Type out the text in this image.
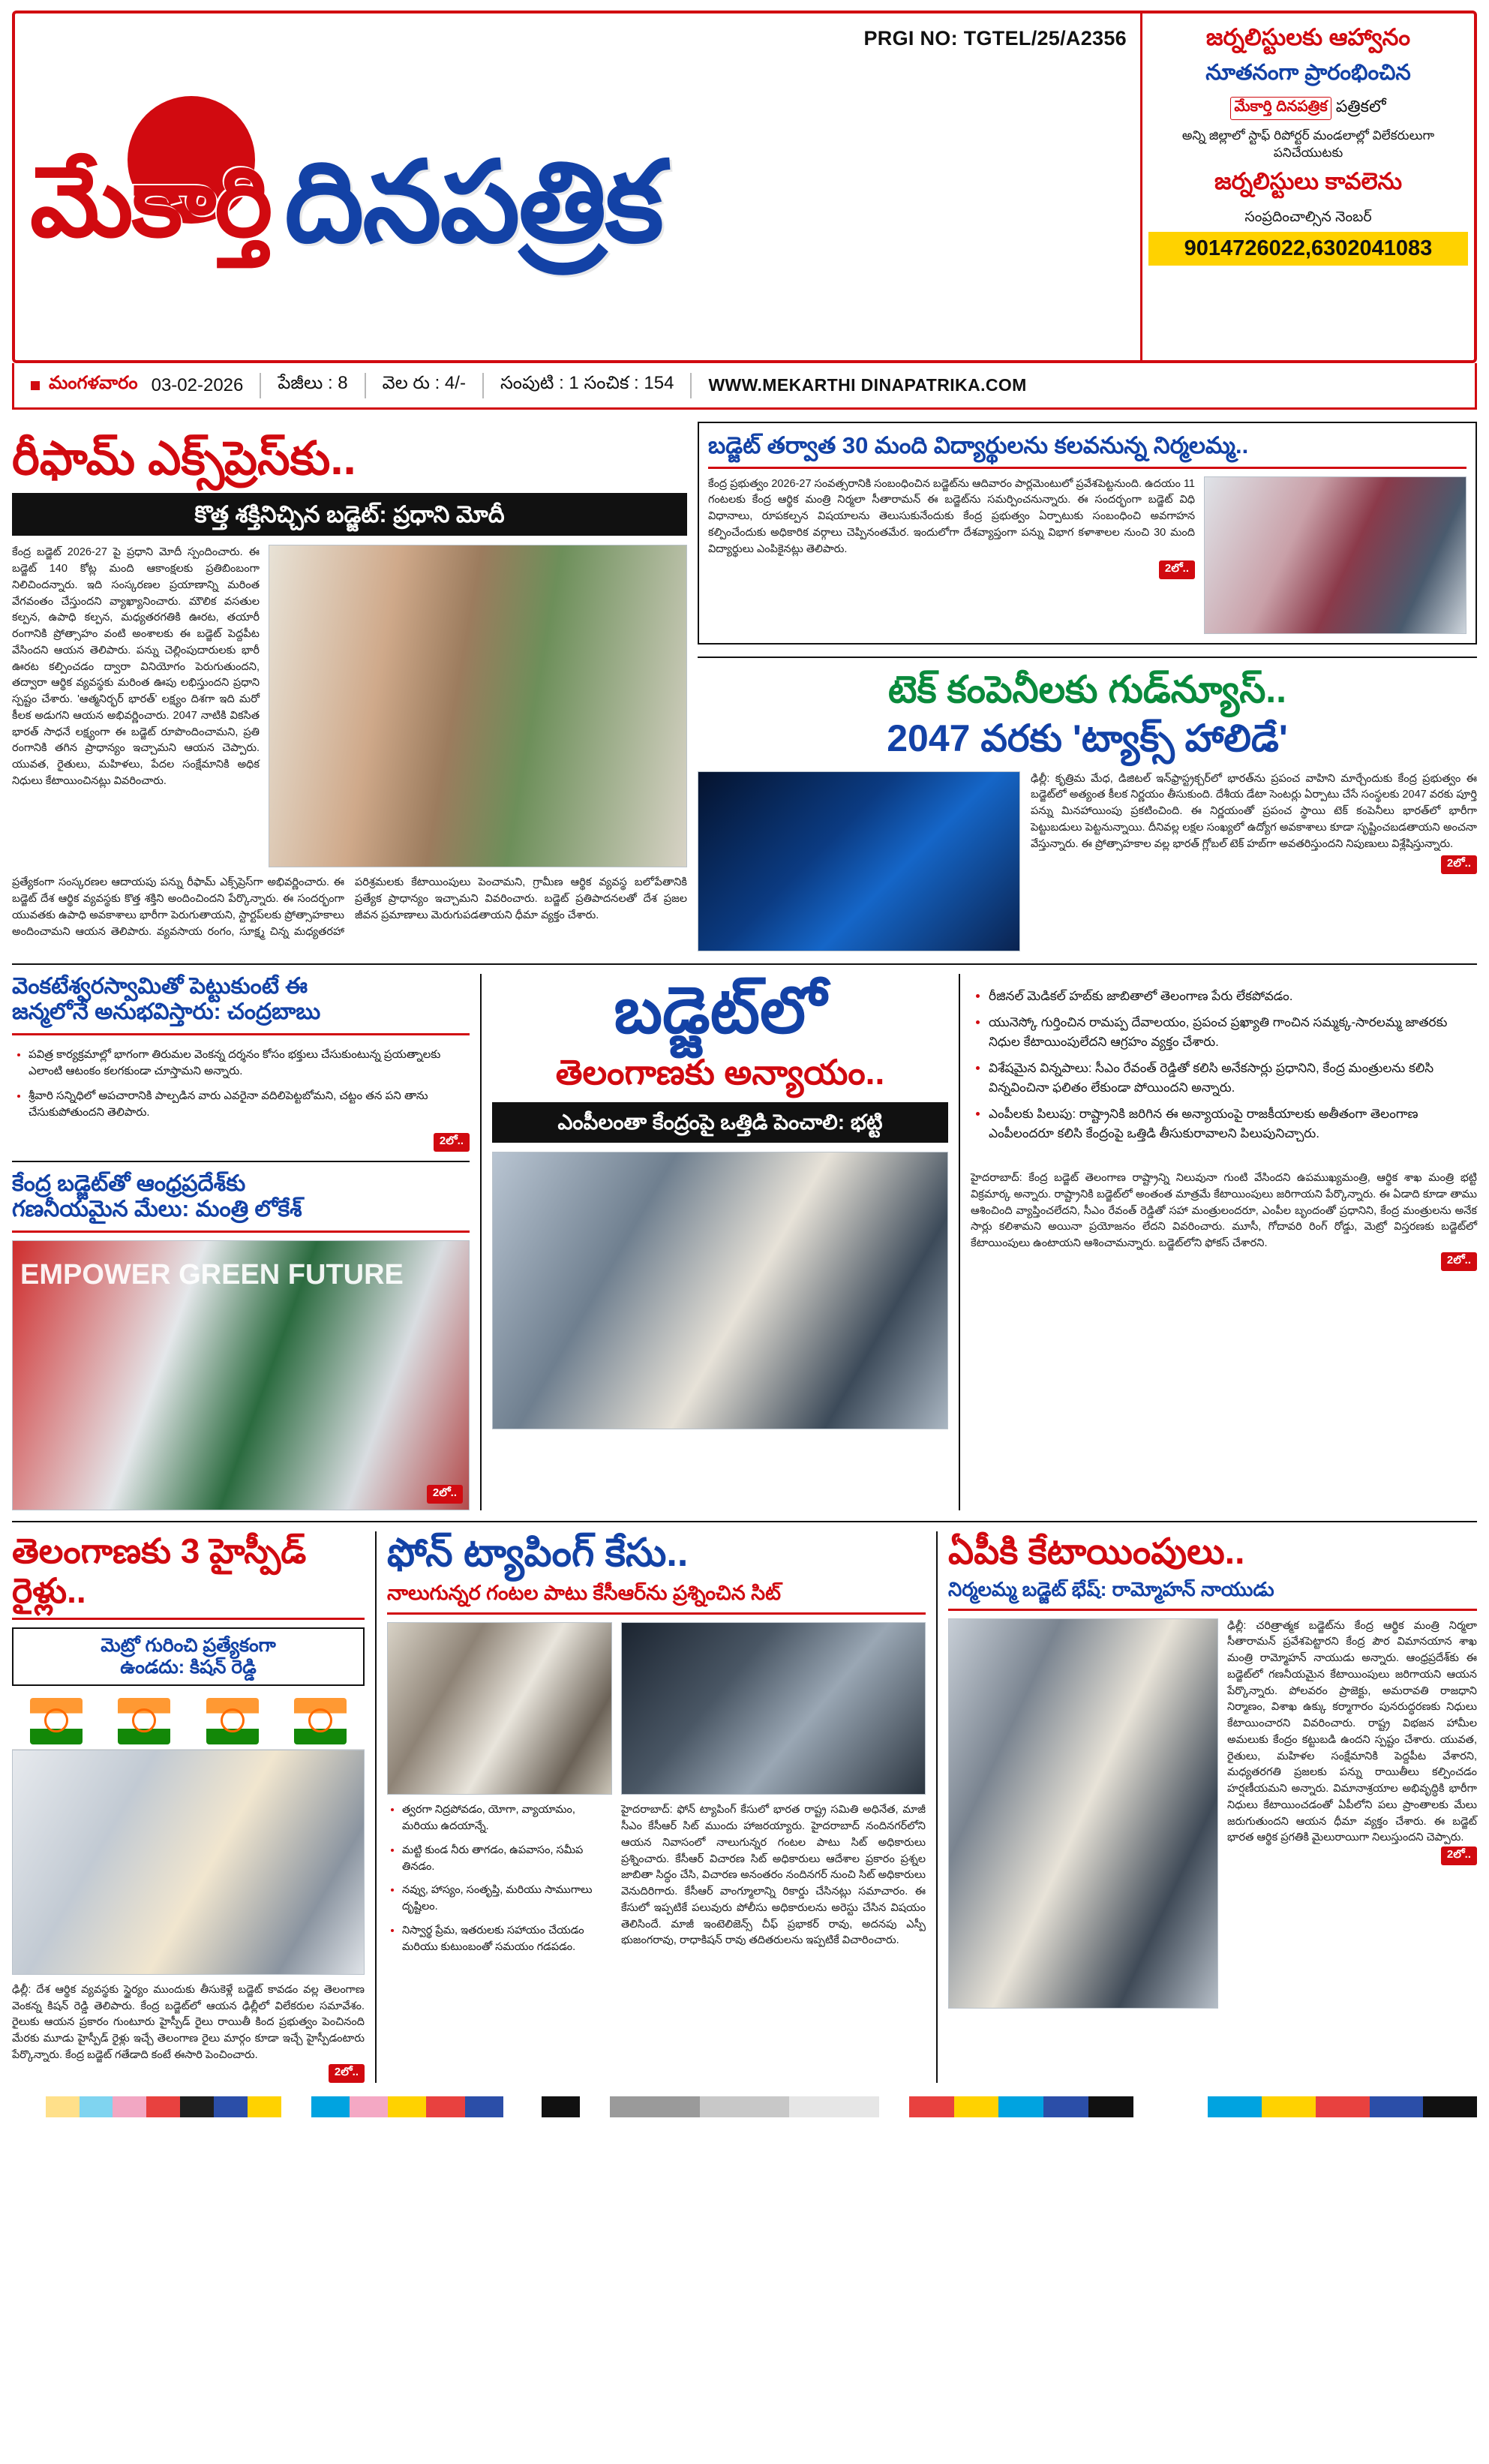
PRGI NO: TGTEL/25/A2356
మేకార్తి దినపత్రిక
జర్నలిస్టులకు ఆహ్వానం
నూతనంగా ప్రారంభించిన
మేకార్తి దినపత్రిక పత్రికలో
అన్ని జిల్లాలో స్టాఫ్ రిపోర్టర్ మండలాల్లో విలేకరులుగా పనిచేయుటకు
జర్నలిస్టులు కావలెను
సంప్రదించాల్సిన నెంబర్
9014726022,6302041083
మంగళవారం 03-02-2026	పేజీలు : 8	వెల రు : 4/-	సంపుటి : 1 సంచిక : 154	WWW.MEKARTHI DINAPATRIKA.COM
రీఫామ్ ఎక్స్‌ప్రెస్‌కు..
కొత్త శక్తినిచ్చిన బడ్జెట్: ప్రధాని మోదీ
కేంద్ర బడ్జెట్ 2026-27 పై ప్రధాని మోదీ స్పందించారు. ఈ బడ్జెట్ 140 కోట్ల మంది ఆకాంక్షలకు ప్రతిబింబంగా నిలిచిందన్నారు. ఇది సంస్కరణల ప్రయాణాన్ని మరింత వేగవంతం చేస్తుందని వ్యాఖ్యానించారు. మౌలిక వసతుల కల్పన, ఉపాధి కల్పన, మధ్యతరగతికి ఊరట, తయారీ రంగానికి ప్రోత్సాహం వంటి అంశాలకు ఈ బడ్జెట్ పెద్దపీట వేసిందని ఆయన తెలిపారు. పన్ను చెల్లింపుదారులకు భారీ ఊరట కల్పించడం ద్వారా వినియోగం పెరుగుతుందని, తద్వారా ఆర్థిక వ్యవస్థకు మరింత ఊపు లభిస్తుందని ప్రధాని స్పష్టం చేశారు. 'ఆత్మనిర్భర్ భారత్' లక్ష్యం దిశగా ఇది మరో కీలక అడుగని ఆయన అభివర్ణించారు. 2047 నాటికి వికసిత భారత్ సాధనే లక్ష్యంగా ఈ బడ్జెట్ రూపొందించామని, ప్రతి రంగానికి తగిన ప్రాధాన్యం ఇచ్చామని ఆయన చెప్పారు. యువత, రైతులు, మహిళలు, పేదల సంక్షేమానికి అధిక నిధులు కేటాయించినట్లు వివరించారు.
ప్రత్యేకంగా సంస్కరణల ఆదాయపు పన్ను రీఫామ్ ఎక్స్‌ప్రెస్‌గా అభివర్ణించారు. ఈ బడ్జెట్ దేశ ఆర్థిక వ్యవస్థకు కొత్త శక్తిని అందించిందని పేర్కొన్నారు. ఈ సందర్భంగా యువతకు ఉపాధి అవకాశాలు భారీగా పెరుగుతాయని, స్టార్టప్‌లకు ప్రోత్సాహకాలు అందించామని ఆయన తెలిపారు. వ్యవసాయ రంగం, సూక్ష్మ చిన్న మధ్యతరహా పరిశ్రమలకు కేటాయింపులు పెంచామని, గ్రామీణ ఆర్థిక వ్యవస్థ బలోపేతానికి ప్రత్యేక ప్రాధాన్యం ఇచ్చామని వివరించారు. బడ్జెట్ ప్రతిపాదనలతో దేశ ప్రజల జీవన ప్రమాణాలు మెరుగుపడతాయని ధీమా వ్యక్తం చేశారు.
బడ్జెట్ తర్వాత 30 మంది విద్యార్థులను కలవనున్న నిర్మలమ్మ..
కేంద్ర ప్రభుత్వం 2026-27 సంవత్సరానికి సంబంధించిన బడ్జెట్‌ను ఆదివారం పార్లమెంటులో ప్రవేశపెట్టనుంది. ఉదయం 11 గంటలకు కేంద్ర ఆర్థిక మంత్రి నిర్మలా సీతారామన్ ఈ బడ్జెట్‌ను సమర్పించనున్నారు. ఈ సందర్భంగా బడ్జెట్ విధి విధానాలు, రూపకల్పన విషయాలను తెలుసుకునేందుకు కేంద్ర ప్రభుత్వం ఏర్పాటుకు సంబంధించి అవగాహన కల్పించేందుకు అధికారిక వర్గాలు చెప్పినంతమేర. ఇందులోగా దేశవ్యాప్తంగా పన్ను విభాగ కళాశాలల నుంచి 30 మంది విద్యార్థులు ఎంపికైనట్లు తెలిపారు.
2లో..
టెక్ కంపెనీలకు గుడ్‌న్యూస్..
2047 వరకు 'ట్యాక్స్ హాలిడే'
ఢిల్లీ: కృత్రిమ మేధ, డిజిటల్ ఇన్‌ఫ్రాస్ట్రక్చర్‌లో భారత్‌ను ప్రపంచ వాహిని మార్చేందుకు కేంద్ర ప్రభుత్వం ఈ బడ్జెట్‌లో అత్యంత కీలక నిర్ణయం తీసుకుంది. దేశీయ డేటా సెంటర్లు ఏర్పాటు చేసే సంస్థలకు 2047 వరకు పూర్తి పన్ను మినహాయింపు ప్రకటించింది. ఈ నిర్ణయంతో ప్రపంచ స్థాయి టెక్ కంపెనీలు భారత్‌లో భారీగా పెట్టుబడులు పెట్టనున్నాయి. దీనివల్ల లక్షల సంఖ్యలో ఉద్యోగ అవకాశాలు కూడా సృష్టించబడతాయని అంచనా వేస్తున్నారు. ఈ ప్రోత్సాహకాల వల్ల భారత్ గ్లోబల్ టెక్ హబ్‌గా అవతరిస్తుందని నిపుణులు విశ్లేషిస్తున్నారు.
2లో..
వెంకటేశ్వరస్వామితో పెట్టుకుంటే ఈ
జన్మలోనే అనుభవిస్తారు: చంద్రబాబు
• పవిత్ర కార్యక్రమాల్లో భాగంగా తిరుమల వెంకన్న దర్శనం కోసం భక్తులు చేసుకుంటున్న ప్రయత్నాలకు ఎలాంటి ఆటంకం కలగకుండా చూస్తామని అన్నారు.
• శ్రీవారి సన్నిధిలో అపచారానికి పాల్పడిన వారు ఎవరైనా వదిలిపెట్టబోమని, చట్టం తన పని తాను చేసుకుపోతుందని తెలిపారు.
2లో..
కేంద్ర బడ్జెట్‌తో ఆంధ్రప్రదేశ్‌కు
గణనీయమైన మేలు: మంత్రి లోకేశ్
EMPOWER GREEN FUTURE
2లో..
బడ్జెట్‌లో
తెలంగాణకు అన్యాయం..
ఎంపీలంతా కేంద్రంపై ఒత్తిడి పెంచాలి: భట్టి
• రీజినల్ మెడికల్ హబ్‌కు జాబితాలో తెలంగాణ పేరు లేకపోవడం.
• యునెస్కో గుర్తించిన రామప్ప దేవాలయం, ప్రపంచ ప్రఖ్యాతి గాంచిన సమ్మక్క-సారలమ్మ జాతరకు నిధుల కేటాయింపులేదని ఆగ్రహం వ్యక్తం చేశారు.
• విశేషమైన విన్నపాలు: సీఎం రేవంత్ రెడ్డితో కలిసి అనేకసార్లు ప్రధానిని, కేంద్ర మంత్రులను కలిసి విన్నవించినా ఫలితం లేకుండా పోయిందని అన్నారు.
• ఎంపీలకు పిలుపు: రాష్ట్రానికి జరిగిన ఈ అన్యాయంపై రాజకీయాలకు అతీతంగా తెలంగాణ ఎంపీలందరూ కలిసి కేంద్రంపై ఒత్తిడి తీసుకురావాలని పిలుపునిచ్చారు.
హైదరాబాద్: కేంద్ర బడ్జెట్ తెలంగాణ రాష్ట్రాన్ని నిలువునా గుంటి వేసిందని ఉపముఖ్యమంత్రి, ఆర్థిక శాఖ మంత్రి భట్టి విక్రమార్క అన్నారు. రాష్ట్రానికి బడ్జెట్‌లో అంతంత మాత్రమే కేటాయింపులు జరిగాయని పేర్కొన్నారు. ఈ ఏడాది కూడా తాము ఆశించింది వ్యాప్తించలేదని, సీఎం రేవంత్ రెడ్డితో సహా మంత్రులందరూ, ఎంపీల బృందంతో ప్రధానిని, కేంద్ర మంత్రులను అనేక సార్లు కలిశామని అయినా ప్రయోజనం లేదని వివరించారు. మూసీ, గోదావరి రింగ్ రోడ్డు, మెట్రో విస్తరణకు బడ్జెట్‌లో కేటాయింపులు ఉంటాయని ఆశించామన్నారు. బడ్జెట్‌లోని ఫోకస్ చేశారని.
2లో..
తెలంగాణకు 3 హైస్పీడ్ రైళ్లు..
మెట్రో గురించి ప్రత్యేకంగా
ఉండదు: కిషన్ రెడ్డి
ఢిల్లీ: దేశ ఆర్థిక వ్యవస్థకు స్థైర్యం ముందుకు తీసుకెళ్లే బడ్జెట్ కావడం వల్ల తెలంగాణ వెంకన్న కిషన్ రెడ్డి తెలిపారు. కేంద్ర బడ్జెట్‌లో ఆయన ఢిల్లీలో విలేకరుల సమావేశం. రైలుకు ఆయన ప్రకారం గుంటూరు హైస్పీడ్ రైలు రాయితీ కింద ప్రభుత్వం పెంచినంది మేరకు మూడు హైస్పీడ్ రైళ్లు ఇచ్చే తెలంగాణ రైలు మార్గం కూడా ఇచ్చే హైస్పీడంటారు పేర్కొన్నారు. కేంద్ర బడ్జెట్ గతేడాది కంటే ఈసారి పెంచించారు.
2లో..
ఫోన్ ట్యాపింగ్ కేసు..
నాలుగున్నర గంటల పాటు కేసీఆర్‌ను ప్రశ్నించిన సిట్
• త్వరగా నిద్రపోవడం, యోగా, వ్యాయామం, మరియు ఉదయాన్నే.
• మట్టి కుండ నీరు తాగడం, ఉపవాసం, సమీప తినడం.
• నవ్వు, హాస్యం, సంతృప్తి, మరియు సాముగాలు దృష్టిలం.
• నిస్వార్థ ప్రేమ, ఇతరులకు సహాయం చేయడం మరియు కుటుంబంతో సమయం గడపడం.
హైదరాబాద్: ఫోన్ ట్యాపింగ్ కేసులో భారత రాష్ట్ర సమితి అధినేత, మాజీ సీఎం కేసీఆర్ సిట్ ముందు హాజరయ్యారు. హైదరాబాద్ నందినగర్‌లోని ఆయన నివాసంలో నాలుగున్నర గంటల పాటు సిట్ అధికారులు ప్రశ్నించారు. కేసీఆర్ విచారణ సిట్ అధికారులు ఆదేశాల ప్రకారం ప్రశ్నల జాబితా సిద్ధం చేసి, విచారణ అనంతరం నందినగర్ నుంచి సిట్ అధికారులు వెనుదిరిగారు. కేసీఆర్ వాంగ్మూలాన్ని రికార్డు చేసినట్లు సమాచారం. ఈ కేసులో ఇప్పటికే పలువురు పోలీసు అధికారులను అరెస్టు చేసిన విషయం తెలిసిందే. మాజీ ఇంటెలిజెన్స్ చీఫ్ ప్రభాకర్ రావు, అదనపు ఎస్పీ భుజంగరావు, రాధాకిషన్ రావు తదితరులను ఇప్పటికే విచారించారు.
ఏపీకి కేటాయింపులు..
నిర్మలమ్మ బడ్జెట్ భేష్: రామ్మోహన్ నాయుడు
ఢిల్లీ: చరిత్రాత్మక బడ్జెట్‌ను కేంద్ర ఆర్థిక మంత్రి నిర్మలా సీతారామన్ ప్రవేశపెట్టారని కేంద్ర పౌర విమానయాన శాఖ మంత్రి రామ్మోహన్ నాయుడు అన్నారు. ఆంధ్రప్రదేశ్‌కు ఈ బడ్జెట్‌లో గణనీయమైన కేటాయింపులు జరిగాయని ఆయన పేర్కొన్నారు. పోలవరం ప్రాజెక్టు, అమరావతి రాజధాని నిర్మాణం, విశాఖ ఉక్కు కర్మాగారం పునరుద్ధరణకు నిధులు కేటాయించారని వివరించారు. రాష్ట్ర విభజన హామీల అమలుకు కేంద్రం కట్టుబడి ఉందని స్పష్టం చేశారు. యువత, రైతులు, మహిళల సంక్షేమానికి పెద్దపీట వేశారని, మధ్యతరగతి ప్రజలకు పన్ను రాయితీలు కల్పించడం హర్షణీయమని అన్నారు. విమానాశ్రయాల అభివృద్ధికి భారీగా నిధులు కేటాయించడంతో ఏపీలోని పలు ప్రాంతాలకు మేలు జరుగుతుందని ఆయన ధీమా వ్యక్తం చేశారు. ఈ బడ్జెట్ భారత ఆర్థిక ప్రగతికి మైలురాయిగా నిలుస్తుందని చెప్పారు.
2లో..
